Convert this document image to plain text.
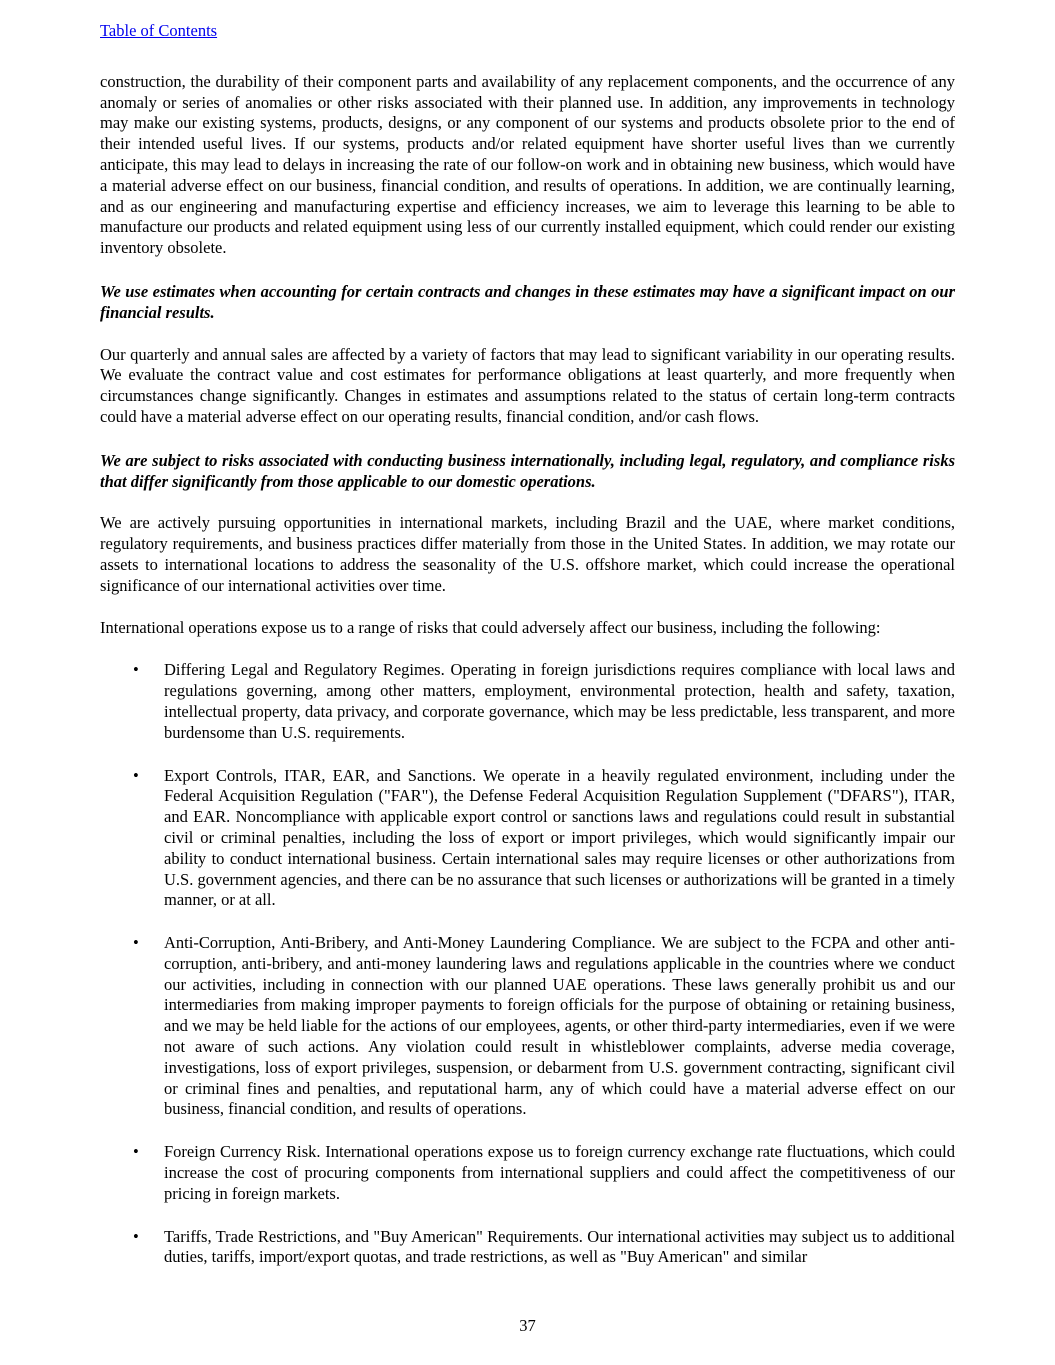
Table of Contents

construction, the durability of their component parts and availability of any replacement components, and the occurrence of any anomaly or series of anomalies or other risks associated with their planned use. In addition, any improvements in technology may make our existing systems, products, designs, or any component of our systems and products obsolete prior to the end of their intended useful lives. If our systems, products and/or related equipment have shorter useful lives than we currently anticipate, this may lead to delays in increasing the rate of our follow-on work and in obtaining new business, which would have a material adverse effect on our business, financial condition, and results of operations. In addition, we are continually learning, and as our engineering and manufacturing expertise and efficiency increases, we aim to leverage this learning to be able to manufacture our products and related equipment using less of our currently installed equipment, which could render our existing inventory obsolete.

We use estimates when accounting for certain contracts and changes in these estimates may have a significant impact on our financial results.

Our quarterly and annual sales are affected by a variety of factors that may lead to significant variability in our operating results. We evaluate the contract value and cost estimates for performance obligations at least quarterly, and more frequently when circumstances change significantly. Changes in estimates and assumptions related to the status of certain long-term contracts could have a material adverse effect on our operating results, financial condition, and/or cash flows.

We are subject to risks associated with conducting business internationally, including legal, regulatory, and compliance risks that differ significantly from those applicable to our domestic operations.

We are actively pursuing opportunities in international markets, including Brazil and the UAE, where market conditions, regulatory requirements, and business practices differ materially from those in the United States. In addition, we may rotate our assets to international locations to address the seasonality of the U.S. offshore market, which could increase the operational significance of our international activities over time.

International operations expose us to a range of risks that could adversely affect our business, including the following:

•	Differing Legal and Regulatory Regimes. Operating in foreign jurisdictions requires compliance with local laws and regulations governing, among other matters, employment, environmental protection, health and safety, taxation, intellectual property, data privacy, and corporate governance, which may be less predictable, less transparent, and more burdensome than U.S. requirements.
•	Export Controls, ITAR, EAR, and Sanctions. We operate in a heavily regulated environment, including under the Federal Acquisition Regulation ("FAR"), the Defense Federal Acquisition Regulation Supplement ("DFARS"), ITAR, and EAR. Noncompliance with applicable export control or sanctions laws and regulations could result in substantial civil or criminal penalties, including the loss of export or import privileges, which would significantly impair our ability to conduct international business. Certain international sales may require licenses or other authorizations from U.S. government agencies, and there can be no assurance that such licenses or authorizations will be granted in a timely manner, or at all.
•	Anti-Corruption, Anti-Bribery, and Anti-Money Laundering Compliance. We are subject to the FCPA and other anti-corruption, anti-bribery, and anti-money laundering laws and regulations applicable in the countries where we conduct our activities, including in connection with our planned UAE operations. These laws generally prohibit us and our intermediaries from making improper payments to foreign officials for the purpose of obtaining or retaining business, and we may be held liable for the actions of our employees, agents, or other third-party intermediaries, even if we were not aware of such actions. Any violation could result in whistleblower complaints, adverse media coverage, investigations, loss of export privileges, suspension, or debarment from U.S. government contracting, significant civil or criminal fines and penalties, and reputational harm, any of which could have a material adverse effect on our business, financial condition, and results of operations.
•	Foreign Currency Risk. International operations expose us to foreign currency exchange rate fluctuations, which could increase the cost of procuring components from international suppliers and could affect the competitiveness of our pricing in foreign markets.
•	Tariffs, Trade Restrictions, and "Buy American" Requirements. Our international activities may subject us to additional duties, tariffs, import/export quotas, and trade restrictions, as well as "Buy American" and similar
37
